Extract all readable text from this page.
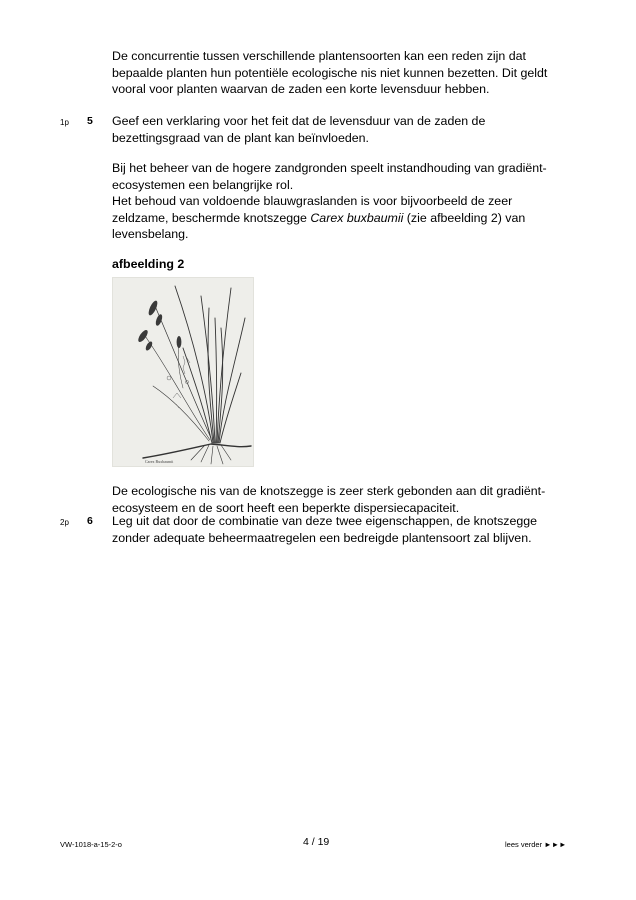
De concurrentie tussen verschillende plantensoorten kan een reden zijn dat bepaalde planten hun potentiële ecologische nis niet kunnen bezetten. Dit geldt vooral voor planten waarvan de zaden een korte levensduur hebben.

1p 5 Geef een verklaring voor het feit dat de levensduur van de zaden de bezettingsgraad van de plant kan beïnvloeden.

Bij het beheer van de hogere zandgronden speelt instandhouding van gradiënt-ecosystemen een belangrijke rol.
Het behoud van voldoende blauwgraslanden is voor bijvoorbeeld de zeer zeldzame, beschermde knotszegge Carex buxbaumii (zie afbeelding 2) van levensbelang.

afbeelding 2
Carex Buxbaumii

De ecologische nis van de knotszegge is zeer sterk gebonden aan dit gradiënt-ecosysteem en de soort heeft een beperkte dispersiecapaciteit.

2p 6 Leg uit dat door de combinatie van deze twee eigenschappen, de knotszegge zonder adequate beheermaatregelen een bedreigde plantensoort zal blijven.

VW-1018-a-15-2-o	4 / 19	lees verder ►►►
